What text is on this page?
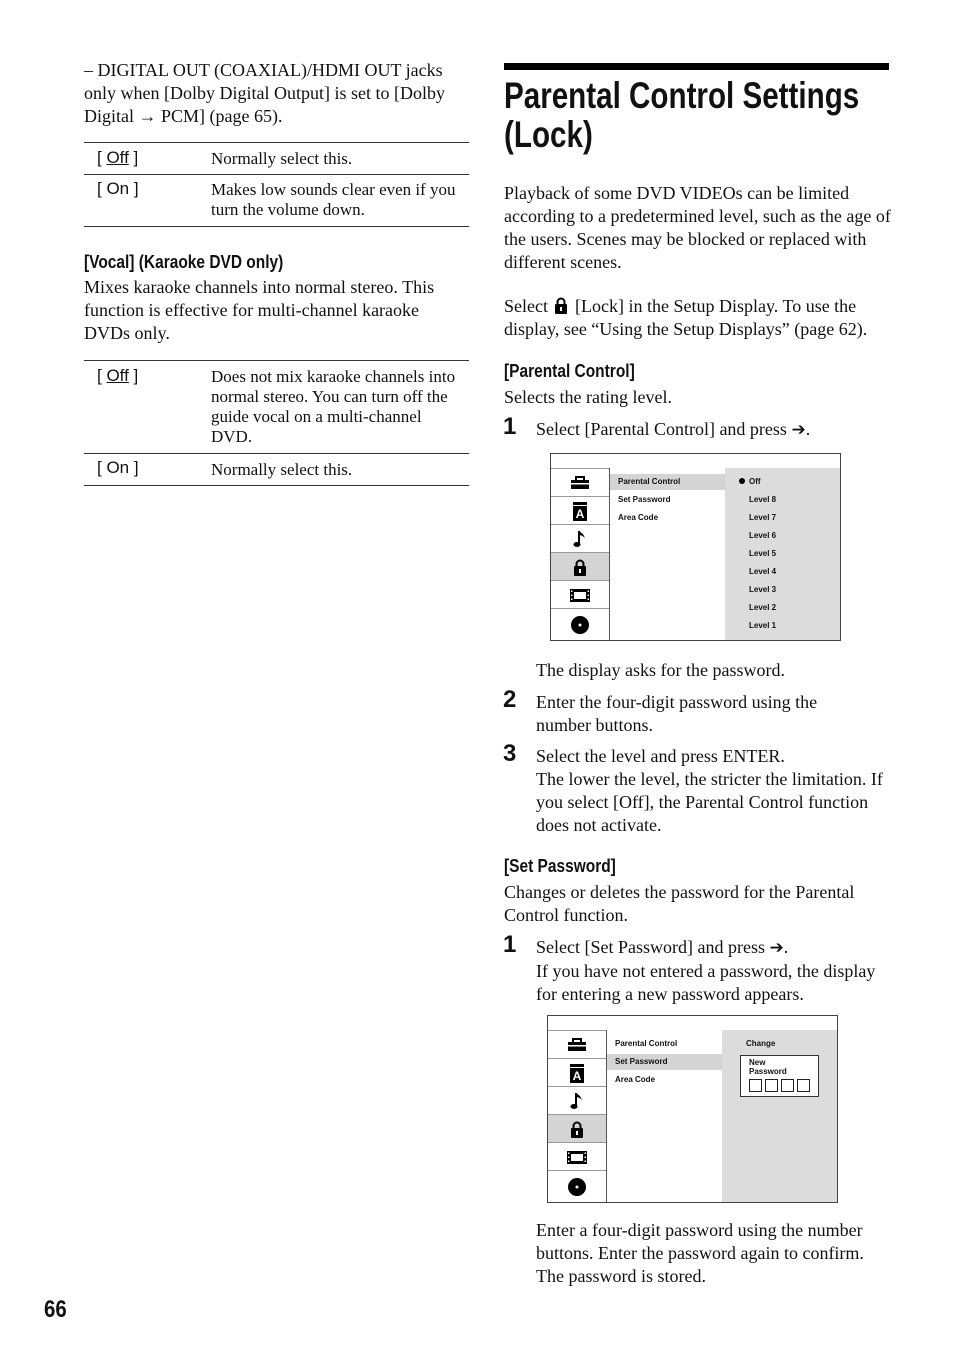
– DIGITAL OUT (COAXIAL)/HDMI OUT jacks only when [Dolby Digital Output] is set to [Dolby Digital → PCM] (page 65).
[ Off ]	Normally select this.
[ On ]	Makes low sounds clear even if you turn the volume down.
[Vocal] (Karaoke DVD only)
Mixes karaoke channels into normal stereo. This function is effective for multi-channel karaoke DVDs only.
[ Off ]	Does not mix karaoke channels into normal stereo. You can turn off the guide vocal on a multi-channel DVD.
[ On ]	Normally select this.
Parental Control Settings (Lock)
Playback of some DVD VIDEOs can be limited according to a predetermined level, such as the age of the users. Scenes may be blocked or replaced with different scenes.
Select [Lock] in the Setup Display. To use the display, see “Using the Setup Displays” (page 62).
[Parental Control]
Selects the rating level.
1 Select [Parental Control] and press ➔.
A
Parental Control
Set Password
Area Code
Off
Level 8
Level 7
Level 6
Level 5
Level 4
Level 3
Level 2
Level 1
The display asks for the password.
2 Enter the four-digit password using the number buttons.
3 Select the level and press ENTER.
The lower the level, the stricter the limitation. If you select [Off], the Parental Control function does not activate.
[Set Password]
Changes or deletes the password for the Parental Control function.
1 Select [Set Password] and press ➔.
If you have not entered a password, the display for entering a new password appears.
A
Parental Control
Set Password
Area Code
Change
New Password
Enter a four-digit password using the number buttons. Enter the password again to confirm. The password is stored.
66
